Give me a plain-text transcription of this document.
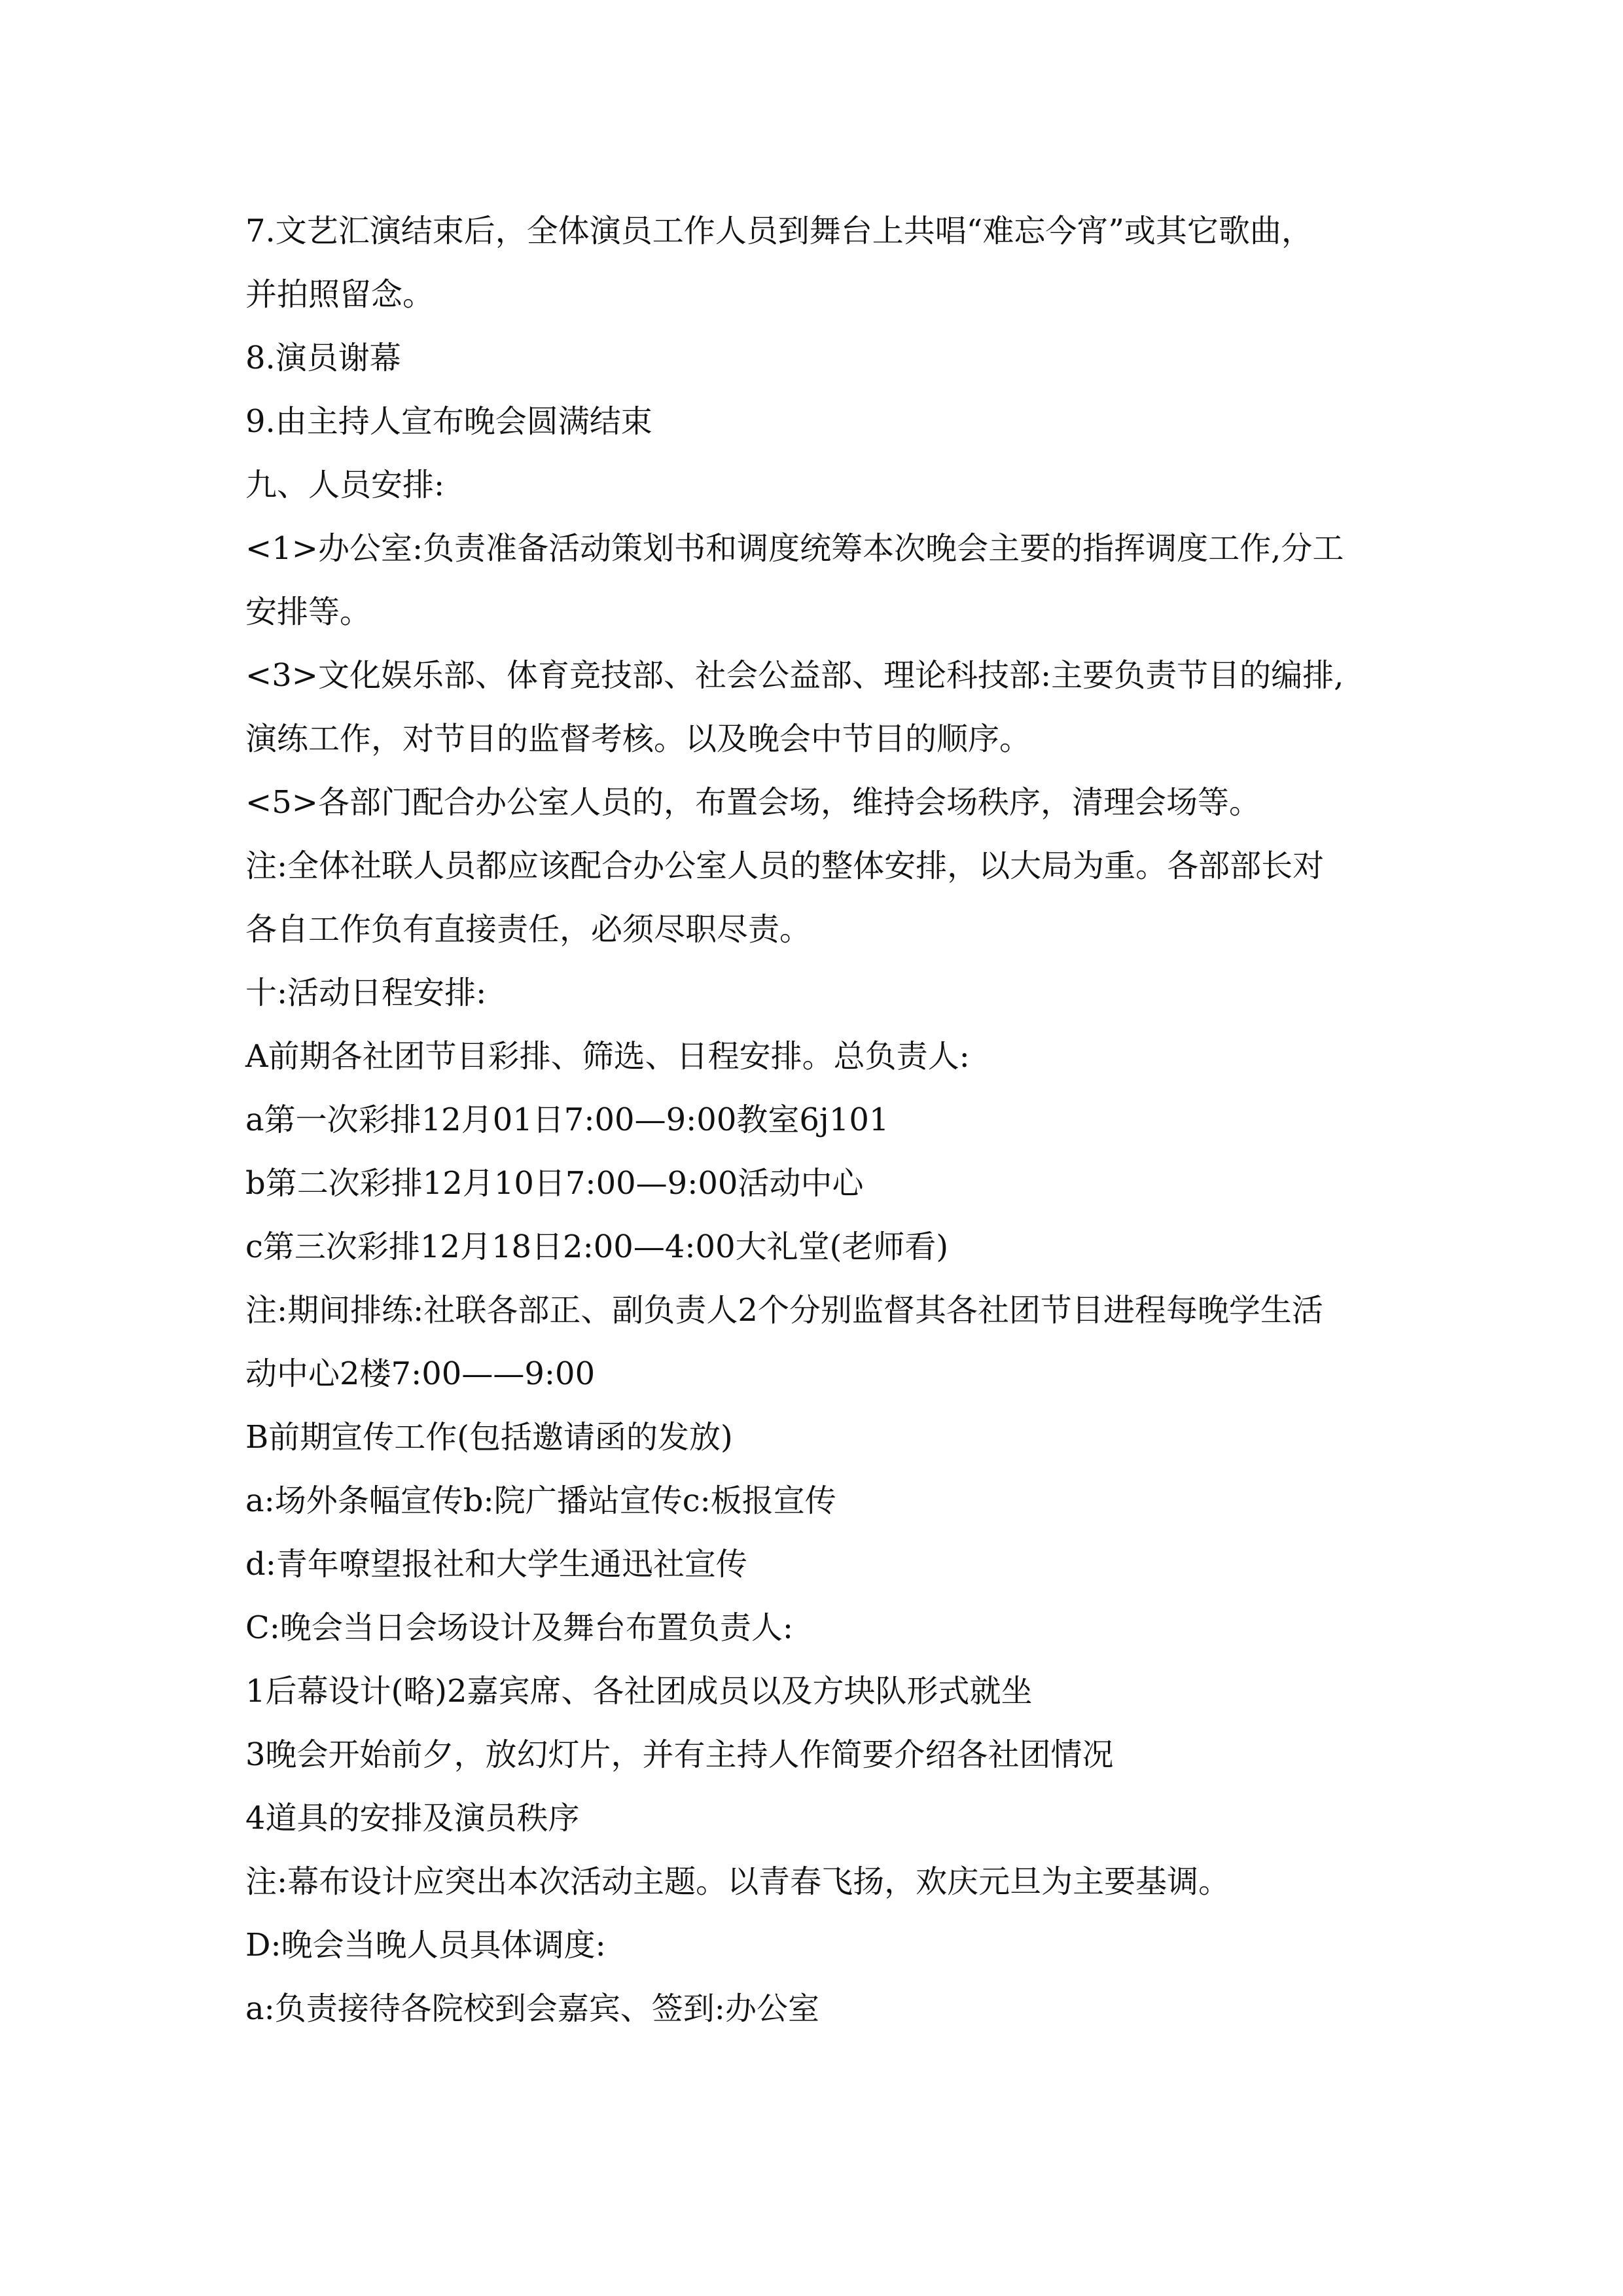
7.文艺汇演结束后，全体演员工作人员到舞台上共唱“难忘今宵”或其它歌曲，
并拍照留念。
8.演员谢幕
9.由主持人宣布晚会圆满结束
九、人员安排:
<1>办公室:负责准备活动策划书和调度统筹本次晚会主要的指挥调度工作,分工
安排等。
<3>文化娱乐部、体育竞技部、社会公益部、理论科技部:主要负责节目的编排,
演练工作，对节目的监督考核。以及晚会中节目的顺序。
<5>各部门配合办公室人员的，布置会场，维持会场秩序，清理会场等。
注:全体社联人员都应该配合办公室人员的整体安排，以大局为重。各部部长对
各自工作负有直接责任，必须尽职尽责。
十:活动日程安排:
A前期各社团节目彩排、筛选、日程安排。总负责人:
a第一次彩排12月01日7:00—9:00教室6j101
b第二次彩排12月10日7:00—9:00活动中心
c第三次彩排12月18日2:00—4:00大礼堂(老师看)
注:期间排练:社联各部正、副负责人2个分别监督其各社团节目进程每晚学生活
动中心2楼7:00——9:00
B前期宣传工作(包括邀请函的发放)
a:场外条幅宣传b:院广播站宣传c:板报宣传
d:青年嘹望报社和大学生通迅社宣传
C:晚会当日会场设计及舞台布置负责人:
1后幕设计(略)2嘉宾席、各社团成员以及方块队形式就坐
3晚会开始前夕，放幻灯片，并有主持人作简要介绍各社团情况
4道具的安排及演员秩序
注:幕布设计应突出本次活动主题。以青春飞扬，欢庆元旦为主要基调。
D:晚会当晚人员具体调度:
a:负责接待各院校到会嘉宾、签到:办公室
